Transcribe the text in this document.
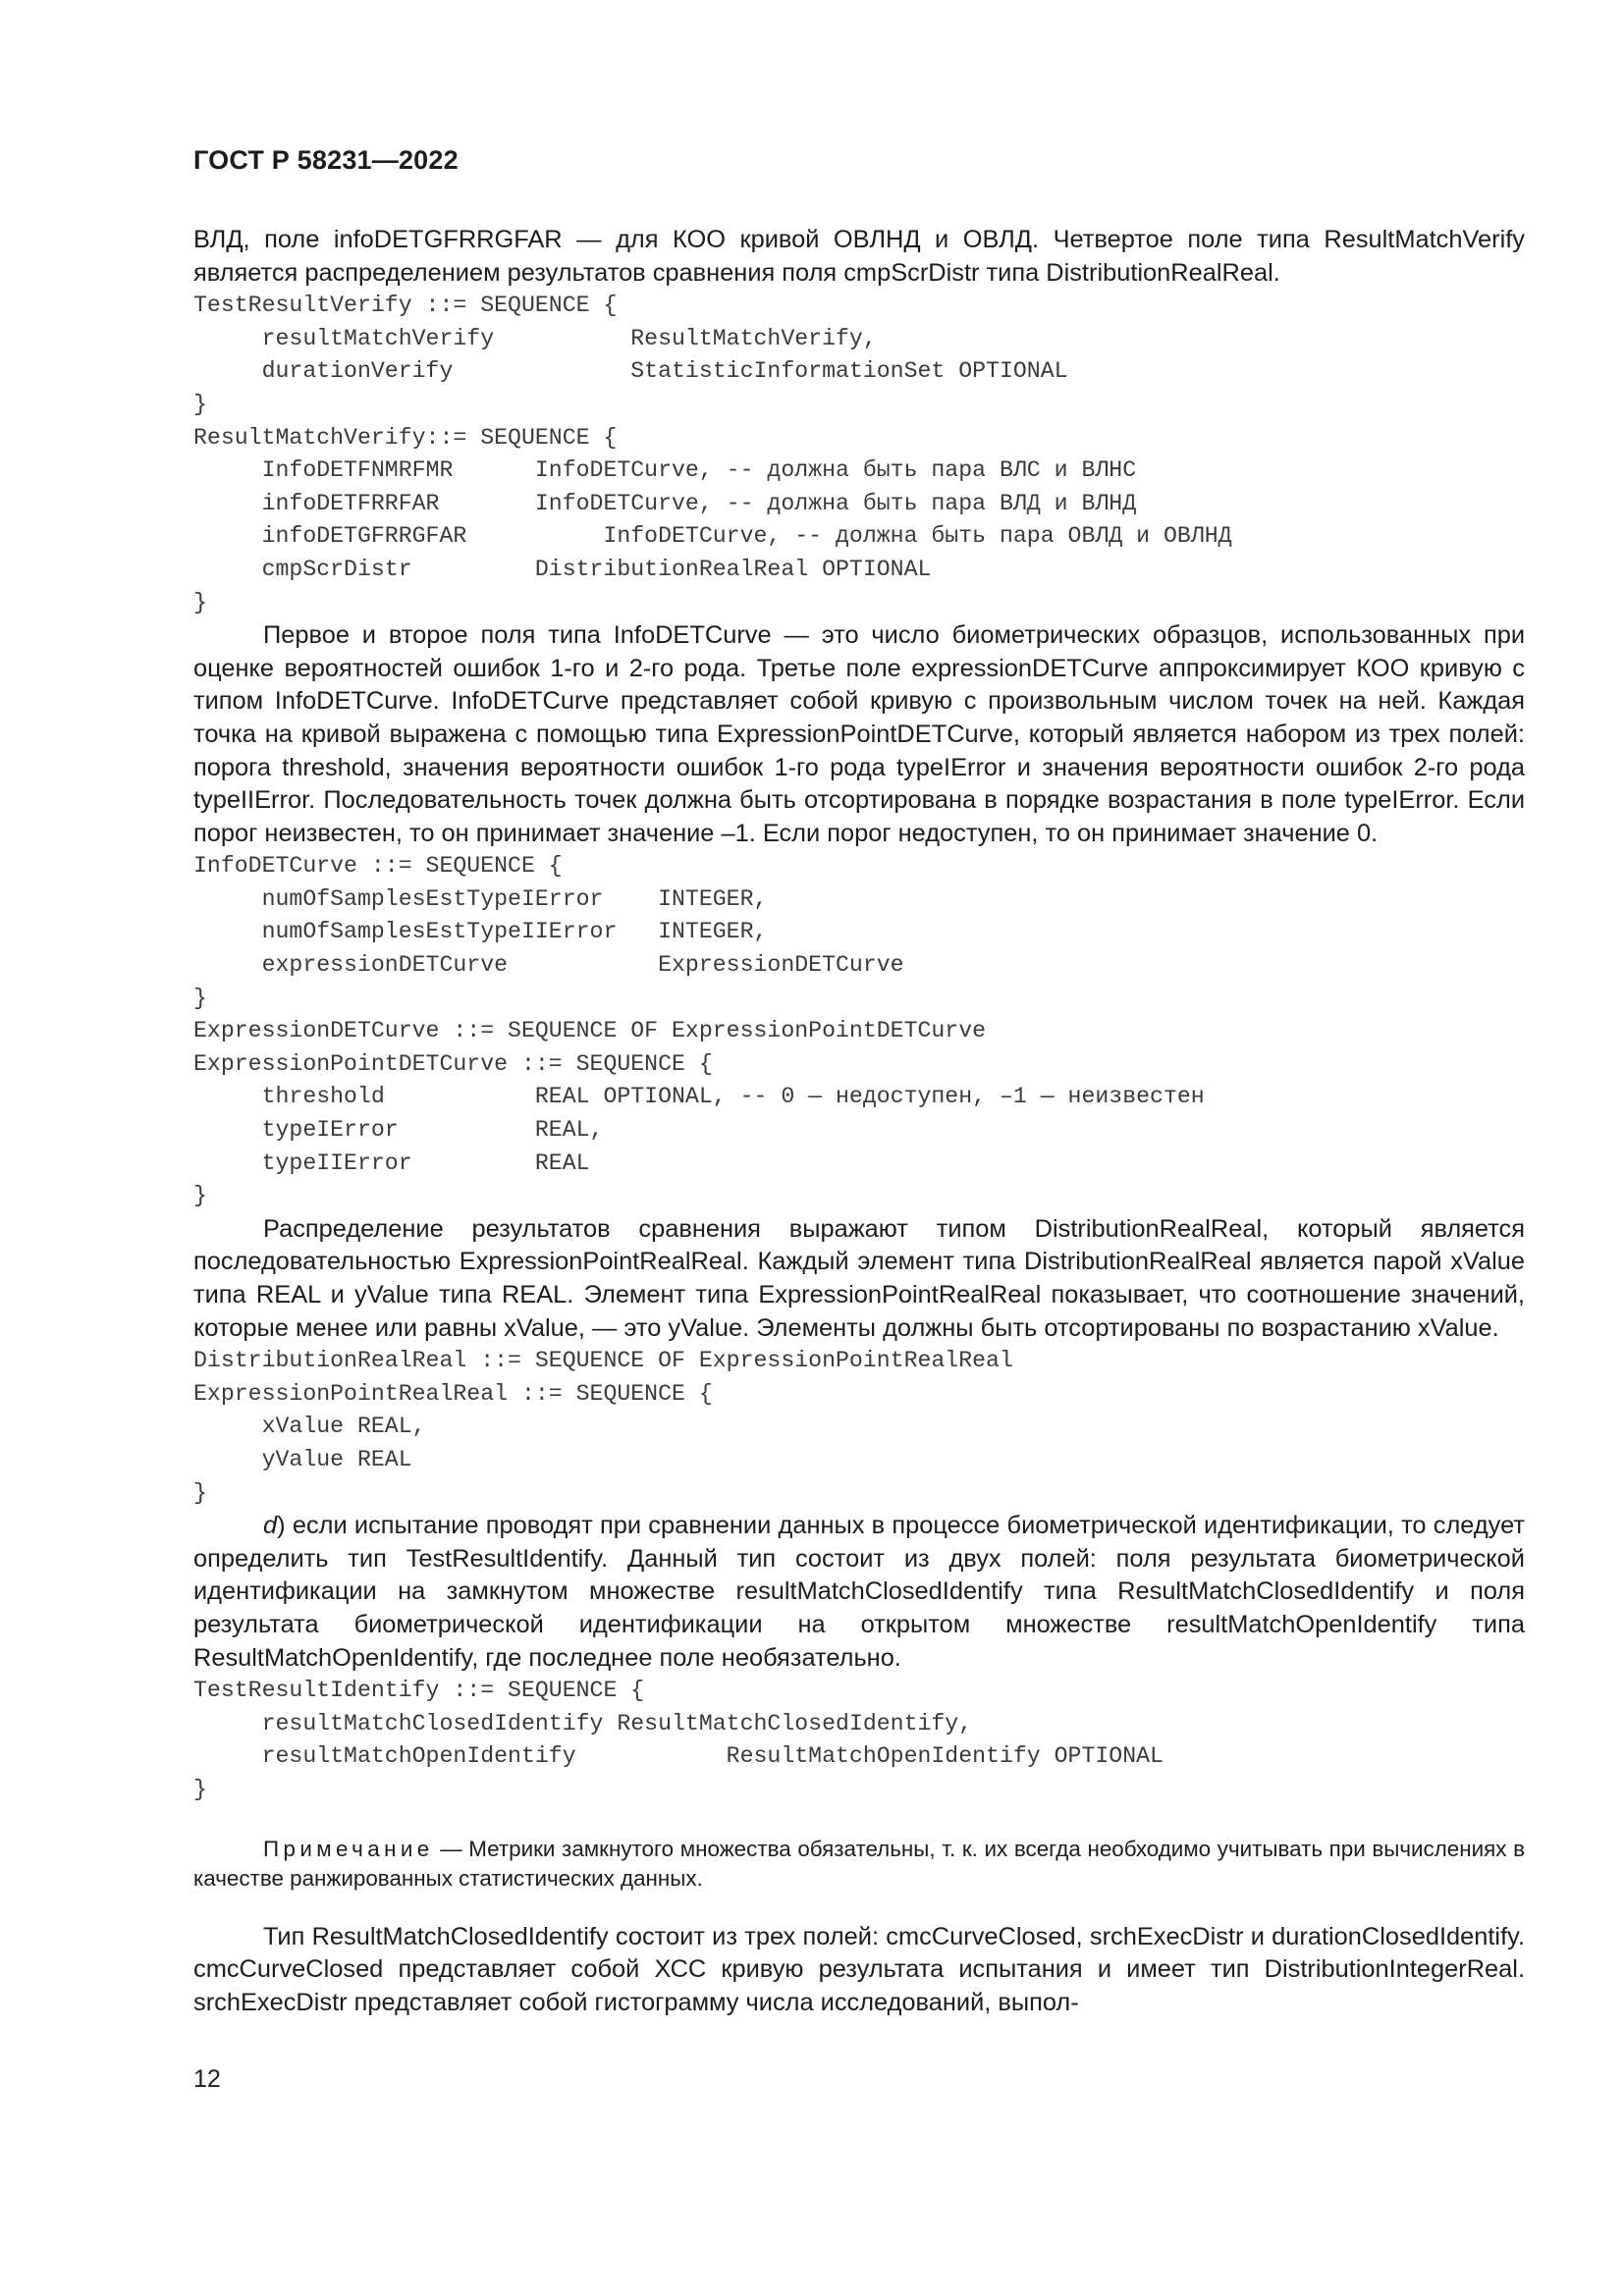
ГОСТ Р 58231—2022

ВЛД, поле infoDETGFRRGFAR — для КОО кривой ОВЛНД и ОВЛД. Четвертое поле типа ResultMatchVerify является распределением результатов сравнения поля cmpScrDistr типа DistributionRealReal.

TestResultVerify ::= SEQUENCE {
resultMatchVerify          ResultMatchVerify,
durationVerify             StatisticInformationSet OPTIONAL
}
ResultMatchVerify::= SEQUENCE {
InfoDETFNMRFMR      InfoDETCurve, -- должна быть пара ВЛС и ВЛНС
infoDETFRRFAR       InfoDETCurve, -- должна быть пара ВЛД и ВЛНД
infoDETGFRRGFAR          InfoDETCurve, -- должна быть пара ОВЛД и ОВЛНД
cmpScrDistr         DistributionRealReal OPTIONAL
}

Первое и второе поля типа InfoDETCurve — это число биометрических образцов, использованных при оценке вероятностей ошибок 1-го и 2-го рода. Третье поле expressionDETCurve аппроксимирует КОО кривую с типом InfoDETCurve. InfoDETCurve представляет собой кривую с произвольным числом точек на ней. Каждая точка на кривой выражена с помощью типа ExpressionPointDETCurve, который является набором из трех полей: порога threshold, значения вероятности ошибок 1-го рода typeIError и значения вероятности ошибок 2-го рода typeIIError. Последовательность точек должна быть отсортирована в порядке возрастания в поле typeIError. Если порог неизвестен, то он принимает значение –1. Если порог недоступен, то он принимает значение 0.

InfoDETCurve ::= SEQUENCE {
numOfSamplesEstTypeIError    INTEGER,
numOfSamplesEstTypeIIError   INTEGER,
expressionDETCurve           ExpressionDETCurve
}
ExpressionDETCurve ::= SEQUENCE OF ExpressionPointDETCurve
ExpressionPointDETCurve ::= SEQUENCE {
threshold           REAL OPTIONAL, -- 0 — недоступен, –1 — неизвестен
typeIError          REAL,
typeIIError         REAL
}

Распределение результатов сравнения выражают типом DistributionRealReal, который является последовательностью ExpressionPointRealReal. Каждый элемент типа DistributionRealReal является парой xValue типа REAL и yValue типа REAL. Элемент типа ExpressionPointRealReal показывает, что соотношение значений, которые менее или равны xValue, — это yValue. Элементы должны быть отсортированы по возрастанию xValue.

DistributionRealReal ::= SEQUENCE OF ExpressionPointRealReal
ExpressionPointRealReal ::= SEQUENCE {
xValue REAL,
yValue REAL
}

d) если испытание проводят при сравнении данных в процессе биометрической идентификации, то следует определить тип TestResultIdentify. Данный тип состоит из двух полей: поля результата биометрической идентификации на замкнутом множестве resultMatchClosedIdentify типа ResultMatchClosedIdentify и поля результата биометрической идентификации на открытом множестве resultMatchOpenIdentify типа ResultMatchOpenIdentify, где последнее поле необязательно.

TestResultIdentify ::= SEQUENCE {
resultMatchClosedIdentify ResultMatchClosedIdentify,
resultMatchOpenIdentify           ResultMatchOpenIdentify OPTIONAL
}

Примечание — Метрики замкнутого множества обязательны, т. к. их всегда необходимо учитывать при вычислениях в качестве ранжированных статистических данных.

Тип ResultMatchClosedIdentify состоит из трех полей: cmcCurveClosed, srchExecDistr и durationClosedIdentify. cmcCurveClosed представляет собой ХСС кривую результата испытания и имеет тип DistributionIntegerReal. srchExecDistr представляет собой гистограмму числа исследований, выпол-

12
